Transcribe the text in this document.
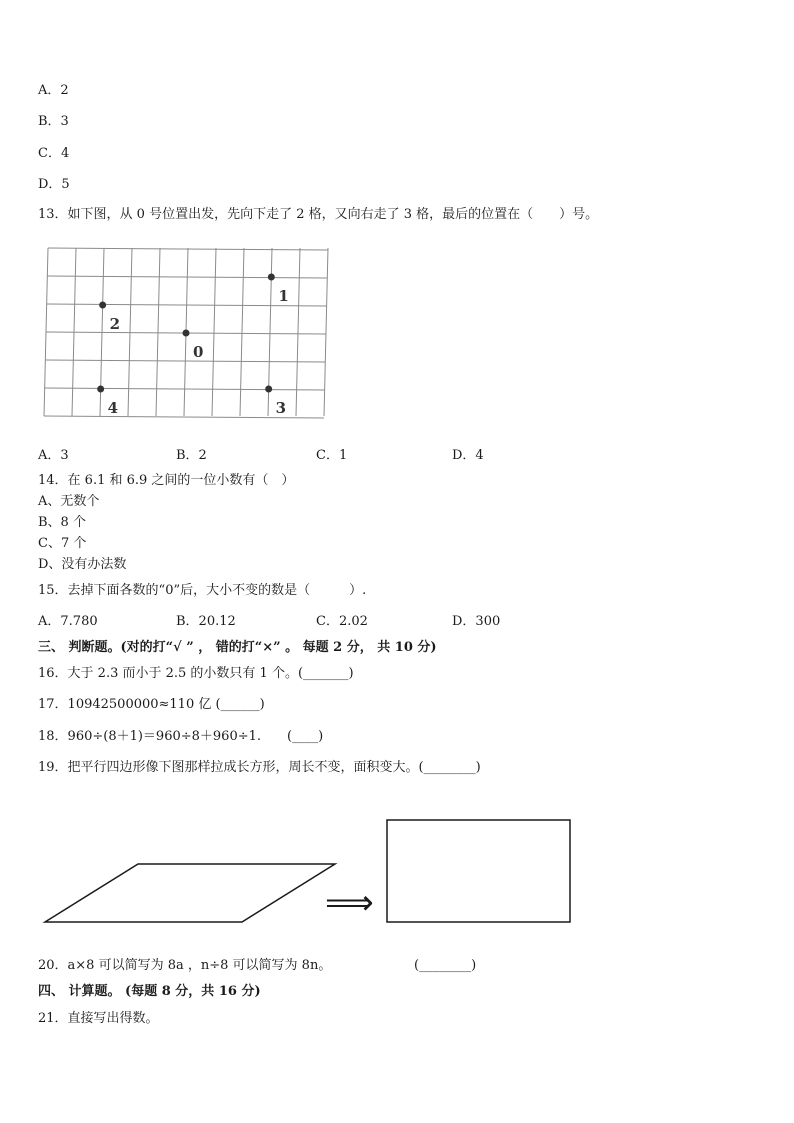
A．2
B．3
C．4
D．5
13．如下图，从 0 号位置出发，先向下走了 2 格，又向右走了 3 格，最后的位置在（　　）号。
1
2
0
4	3
A．3	B．2	C．1	D．4
14．在 6.1 和 6.9 之间的一位小数有（　）
A、无数个
B、8 个
C、7 个
D、没有办法数
15．去掉下面各数的“0”后，大小不变的数是（　　　）.
A．7.780	B．20.12	C．2.02	D．300
三、 判断题。(对的打“√ ” ， 错的打“×” 。 每题 2 分， 共 10 分)
16．大于 2.3 而小于 2.5 的小数只有 1 个。(_______)
17．10942500000≈110 亿 (______)
18．960÷(8＋1)＝960÷8＋960÷1.　　(____)
19．把平行四边形像下图那样拉成长方形，周长不变，面积变大。(________)
⟹
20．a×8 可以简写为 8a ，n÷8 可以简写为 8n。	(________)
四、 计算题。 (每题 8 分，共 16 分)
21．直接写出得数。
